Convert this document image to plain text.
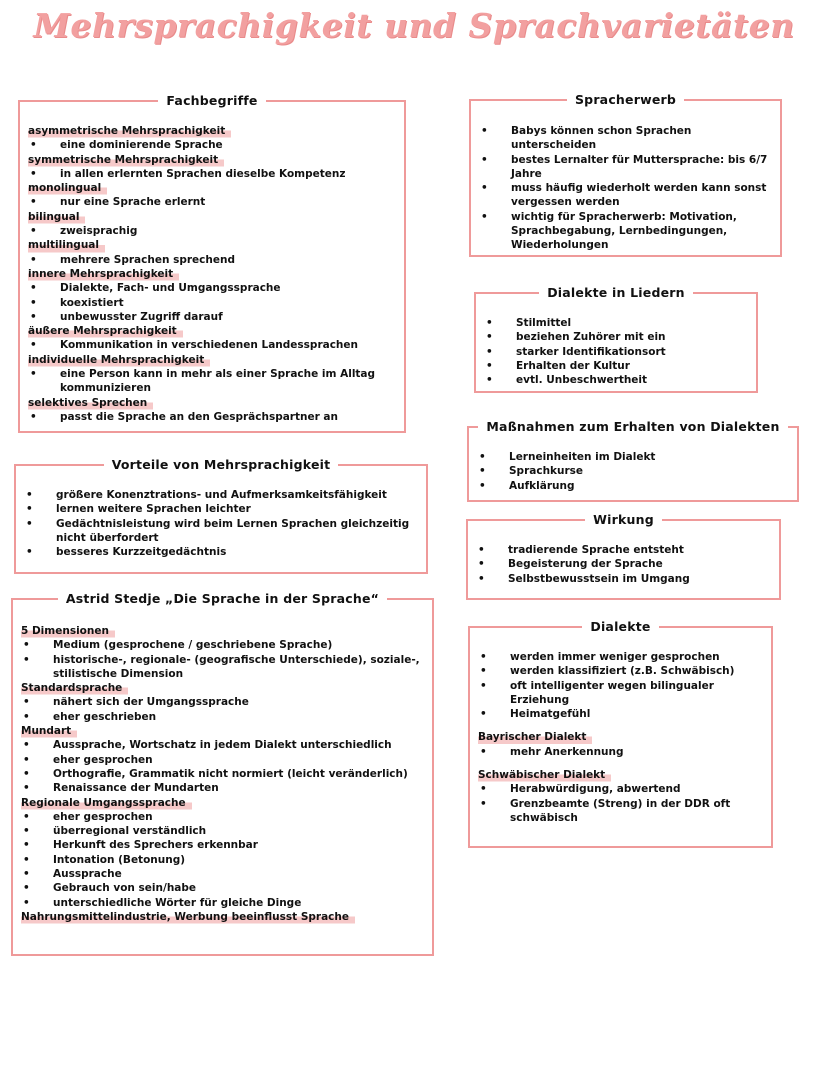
Mehrsprachigkeit und Sprachvarietäten
Fachbegriffe
asymmetrische Mehrsprachigkeit
•	eine dominierende Sprache
symmetrische Mehrsprachigkeit
•	in allen erlernten Sprachen dieselbe Kompetenz
monolingual
•	nur eine Sprache erlernt
bilingual
•	zweisprachig
multilingual
•	mehrere Sprachen sprechend
innere Mehrsprachigkeit
•	Dialekte, Fach- und Umgangssprache
•	koexistiert
•	unbewusster Zugriff darauf
äußere Mehrsprachigkeit
•	Kommunikation in verschiedenen Landessprachen
individuelle Mehrsprachigkeit
•	eine Person kann in mehr als einer Sprache im Alltag kommunizieren
selektives Sprechen
•	passt die Sprache an den Gesprächspartner an
Vorteile von Mehrsprachigkeit
•	größere Konenztrations- und Aufmerksamkeitsfähigkeit
•	lernen weitere Sprachen leichter
•	Gedächtnisleistung wird beim Lernen Sprachen gleichzeitig nicht überfordert
•	besseres Kurzzeitgedächtnis
Astrid Stedje „Die Sprache in der Sprache“
5 Dimensionen
•	Medium (gesprochene / geschriebene Sprache)
•	historische-, regionale- (geografische Unterschiede), soziale-, stilistische Dimension
Standardsprache
•	nähert sich der Umgangssprache
•	eher geschrieben
Mundart
•	Aussprache, Wortschatz in jedem Dialekt unterschiedlich
•	eher gesprochen
•	Orthografie, Grammatik nicht normiert (leicht veränderlich)
•	Renaissance der Mundarten
Regionale Umgangssprache
•	eher gesprochen
•	überregional verständlich
•	Herkunft des Sprechers erkennbar
•	Intonation (Betonung)
•	Aussprache
•	Gebrauch von sein/habe
•	unterschiedliche Wörter für gleiche Dinge
Nahrungsmittelindustrie, Werbung beeinflusst Sprache
Spracherwerb
•	Babys können schon Sprachen unterscheiden
•	bestes Lernalter für Muttersprache: bis 6/7 Jahre
•	muss häufig wiederholt werden kann sonst vergessen werden
•	wichtig für Spracherwerb: Motivation, Sprachbegabung, Lernbedingungen, Wiederholungen
Dialekte in Liedern
•	Stilmittel
•	beziehen Zuhörer mit ein
•	starker Identifikationsort
•	Erhalten der Kultur
•	evtl. Unbeschwertheit
Maßnahmen zum Erhalten von Dialekten
•	Lerneinheiten im Dialekt
•	Sprachkurse
•	Aufklärung
Wirkung
•	tradierende Sprache entsteht
•	Begeisterung der Sprache
•	Selbstbewusstsein im Umgang
Dialekte
•	werden immer weniger gesprochen
•	werden klassifiziert (z.B. Schwäbisch)
•	oft intelligenter wegen bilingualer Erziehung
•	Heimatgefühl
Bayrischer Dialekt
•	mehr Anerkennung
Schwäbischer Dialekt
•	Herabwürdigung, abwertend
•	Grenzbeamte (Streng) in der DDR oft schwäbisch
